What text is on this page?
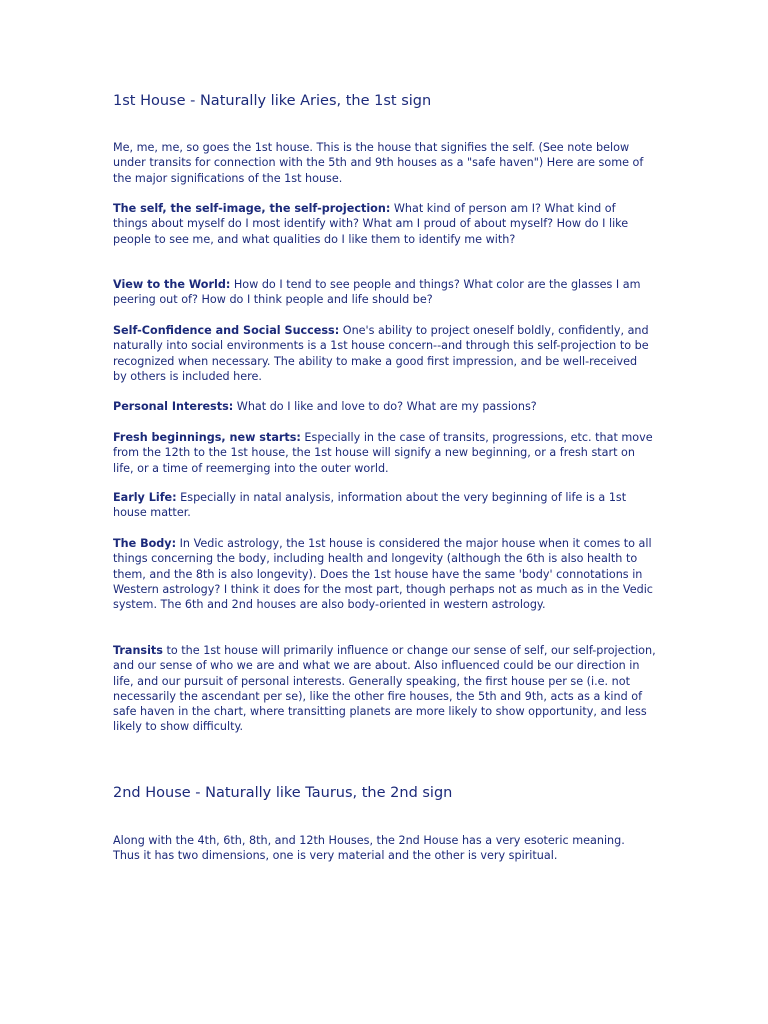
1st House - Naturally like Aries, the 1st sign

Me, me, me, so goes the 1st house. This is the house that signifies the self. (See note below under transits for connection with the 5th and 9th houses as a "safe haven") Here are some of the major significations of the 1st house.

The self, the self-image, the self-projection: What kind of person am I? What kind of things about myself do I most identify with? What am I proud of about myself? How do I like people to see me, and what qualities do I like them to identify me with?

View to the World: How do I tend to see people and things? What color are the glasses I am peering out of? How do I think people and life should be?

Self-Confidence and Social Success: One's ability to project oneself boldly, confidently, and naturally into social environments is a 1st house concern--and through this self-projection to be recognized when necessary. The ability to make a good first impression, and be well-received by others is included here.

Personal Interests: What do I like and love to do? What are my passions?

Fresh beginnings, new starts: Especially in the case of transits, progressions, etc. that move from the 12th to the 1st house, the 1st house will signify a new beginning, or a fresh start on life, or a time of reemerging into the outer world.

Early Life: Especially in natal analysis, information about the very beginning of life is a 1st house matter.

The Body: In Vedic astrology, the 1st house is considered the major house when it comes to all things concerning the body, including health and longevity (although the 6th is also health to them, and the 8th is also longevity). Does the 1st house have the same 'body' connotations in Western astrology? I think it does for the most part, though perhaps not as much as in the Vedic system. The 6th and 2nd houses are also body-oriented in western astrology.

Transits to the 1st house will primarily influence or change our sense of self, our self-projection, and our sense of who we are and what we are about. Also influenced could be our direction in life, and our pursuit of personal interests. Generally speaking, the first house per se (i.e. not necessarily the ascendant per se), like the other fire houses, the 5th and 9th, acts as a kind of safe haven in the chart, where transitting planets are more likely to show opportunity, and less likely to show difficulty.

2nd House - Naturally like Taurus, the 2nd sign

Along with the 4th, 6th, 8th, and 12th Houses, the 2nd House has a very esoteric meaning. Thus it has two dimensions, one is very material and the other is very spiritual.
